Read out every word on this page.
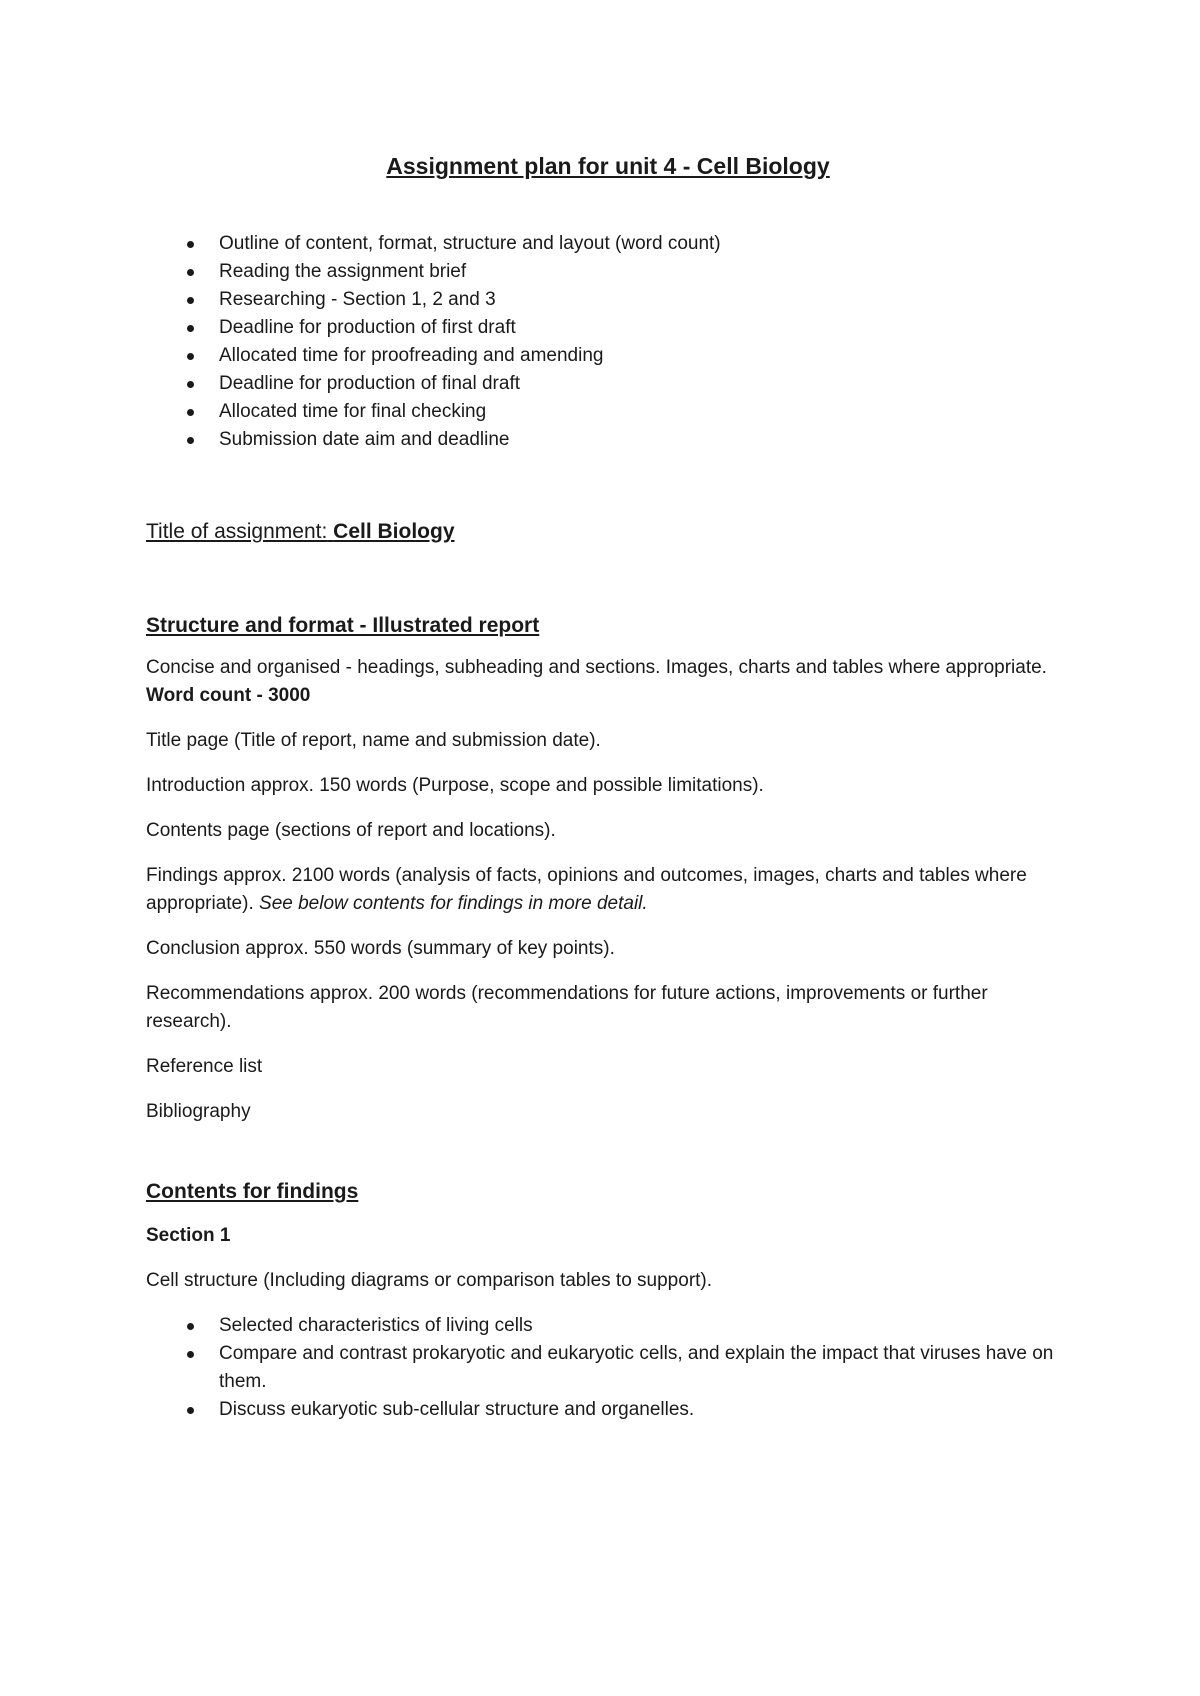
Assignment plan for unit 4 - Cell Biology
Outline of content, format, structure and layout (word count)
Reading the assignment brief
Researching - Section 1, 2 and 3
Deadline for production of first draft
Allocated time for proofreading and amending
Deadline for production of final draft
Allocated time for final checking
Submission date aim and deadline
Title of assignment: Cell Biology
Structure and format - Illustrated report

Concise and organised - headings, subheading and sections. Images, charts and tables where appropriate. Word count - 3000

Title page (Title of report, name and submission date).

Introduction approx. 150 words (Purpose, scope and possible limitations).

Contents page (sections of report and locations).

Findings approx. 2100 words (analysis of facts, opinions and outcomes, images, charts and tables where appropriate). See below contents for findings in more detail.

Conclusion approx. 550 words (summary of key points).

Recommendations approx. 200 words (recommendations for future actions, improvements or further research).

Reference list

Bibliography

Contents for findings
Section 1

Cell structure (Including diagrams or comparison tables to support).

Selected characteristics of living cells
Compare and contrast prokaryotic and eukaryotic cells, and explain the impact that viruses have on them.
Discuss eukaryotic sub-cellular structure and organelles.
